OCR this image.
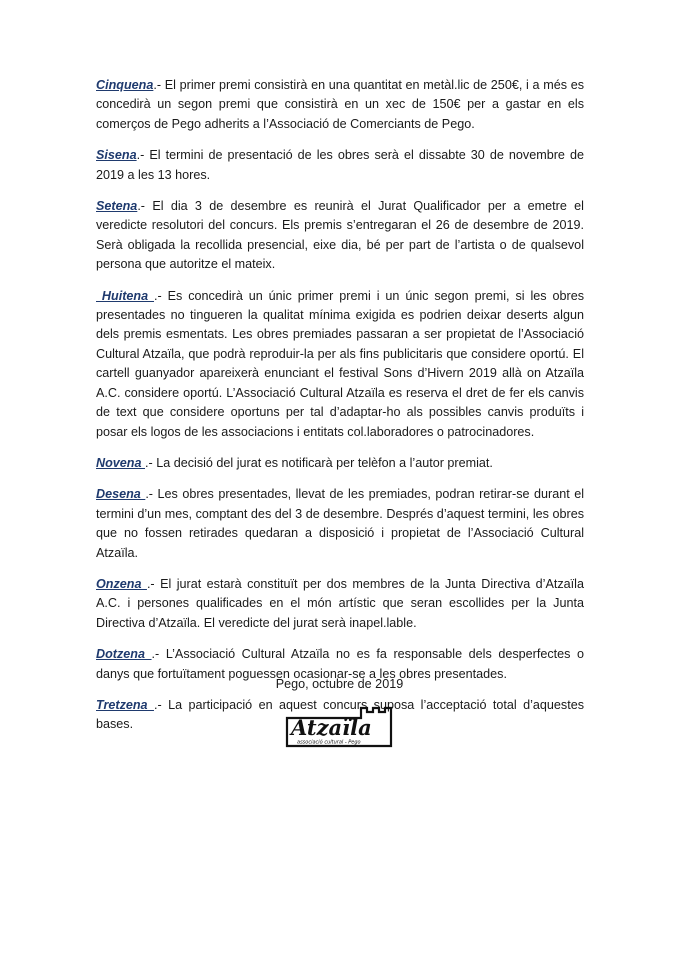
Cinquena.- El primer premi consistirà en una quantitat en metàl.lic de 250€, i a més es concedirà un segon premi que consistirà en un xec de 150€ per a gastar en els comerços de Pego adherits a l’Associació de Comerciants de Pego.

Sisena.- El termini de presentació de les obres serà el dissabte 30 de novembre de 2019 a les 13 hores.

Setena.- El dia 3 de desembre es reunirà el Jurat Qualificador per a emetre el veredicte resolutori del concurs. Els premis s’entregaran el 26 de desembre de 2019. Serà obligada la recollida presencial, eixe dia, bé per part de l’artista o de qualsevol persona que autoritze el mateix.

Huitena .- Es concedirà un únic primer premi i un únic segon premi, si les obres presentades no tingueren la qualitat mínima exigida es podrien deixar deserts algun dels premis esmentats. Les obres premiades passaran a ser propietat de l’Associació Cultural Atzaïla, que podrà reproduir-la per als fins publicitaris que considere oportú. El cartell guanyador apareixerà enunciant el festival Sons d’Hivern 2019 allà on Atzaïla A.C. considere oportú. L’Associació Cultural Atzaïla es reserva el dret de fer els canvis de text que considere oportuns per tal d’adaptar-ho als possibles canvis produïts i posar els logos de les associacions i entitats col.laboradores o patrocinadores.

Novena .- La decisió del jurat es notificarà per telèfon a l’autor premiat.

Desena .- Les obres presentades, llevat de les premiades, podran retirar-se durant el termini d’un mes, comptant des del 3 de desembre. Després d’aquest termini, les obres que no fossen retirades quedaran a disposició i propietat de l’Associació Cultural Atzaïla.

Onzena .- El jurat estarà constituït per dos membres de la Junta Directiva d’Atzaïla A.C. i persones qualificades en el món artístic que seran escollides per la Junta Directiva d’Atzaïla. El veredicte del jurat serà inapel.lable.

Dotzena .- L’Associació Cultural Atzaïla no es fa responsable dels desperfectes o danys que fortuïtament poguessen ocasionar-se a les obres presentades.

Tretzena .- La participació en aquest concurs suposa l’acceptació total d’aquestes bases.

Pego, octubre de 2019
Atzaïla
associació cultural - Pego
